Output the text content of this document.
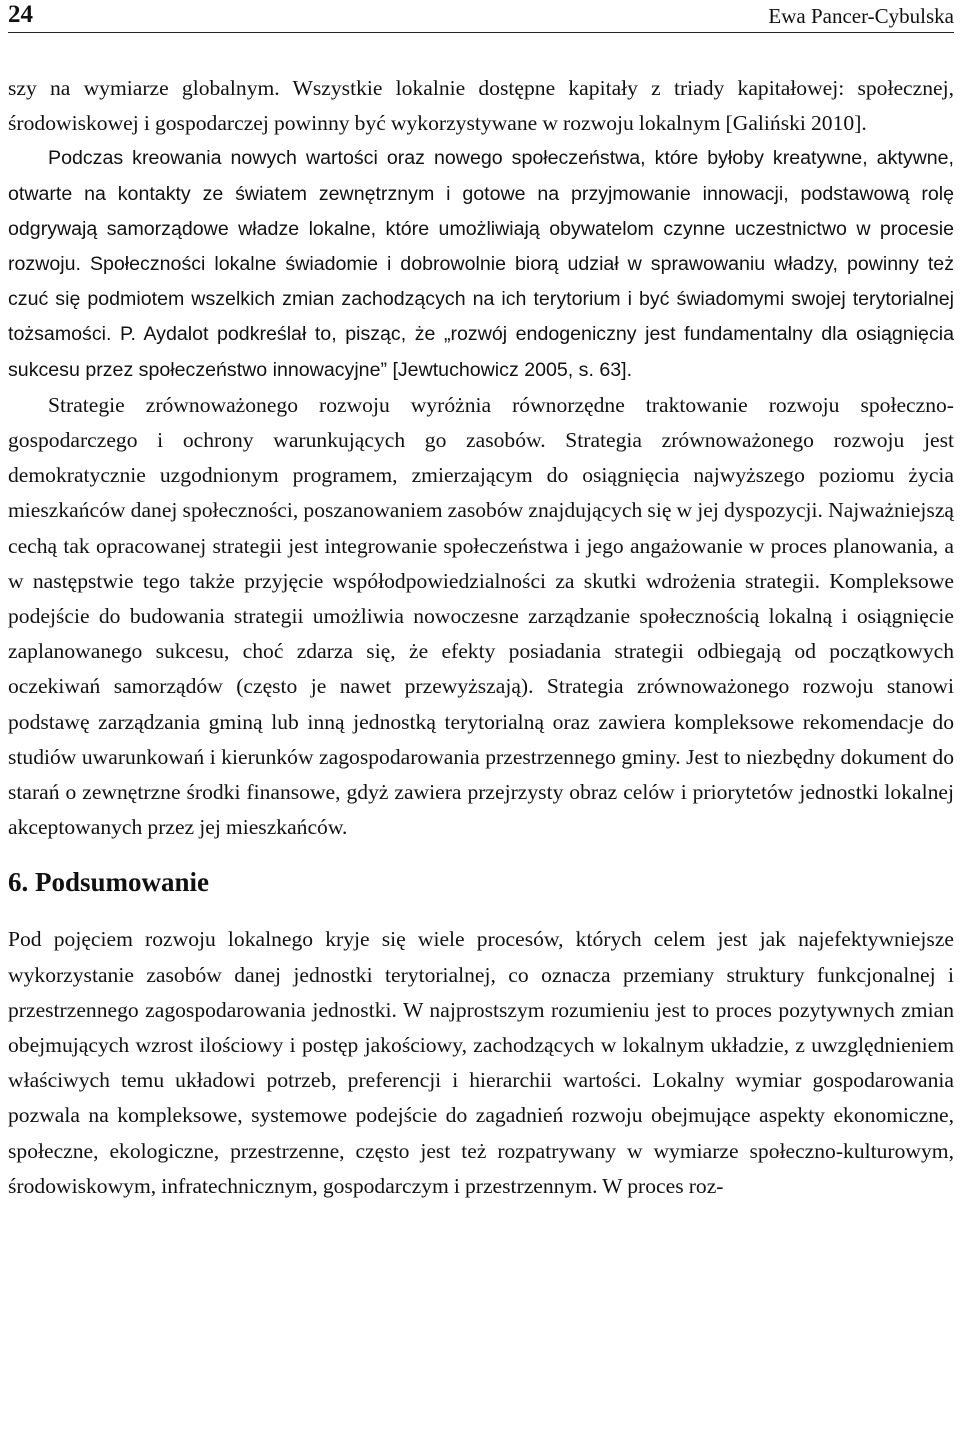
24	Ewa Pancer-Cybulska

szy na wymiarze globalnym. Wszystkie lokalnie dostępne kapitały z triady kapitałowej: społecznej, środowiskowej i gospodarczej powinny być wykorzystywane w rozwoju lokalnym [Galiński 2010].

Podczas kreowania nowych wartości oraz nowego społeczeństwa, które byłoby kreatywne, aktywne, otwarte na kontakty ze światem zewnętrznym i gotowe na przyjmowanie innowacji, podstawową rolę odgrywają samorządowe władze lokalne, które umożliwiają obywatelom czynne uczestnictwo w procesie rozwoju. Społeczności lokalne świadomie i dobrowolnie biorą udział w sprawowaniu władzy, powinny też czuć się podmiotem wszelkich zmian zachodzących na ich terytorium i być świadomymi swojej terytorialnej tożsamości. P. Aydalot podkreślał to, pisząc, że „rozwój endogeniczny jest fundamentalny dla osiągnięcia sukcesu przez społeczeństwo innowacyjne” [Jewtuchowicz 2005, s. 63].

Strategie zrównoważonego rozwoju wyróżnia równorzędne traktowanie rozwoju społeczno-gospodarczego i ochrony warunkujących go zasobów. Strategia zrównoważonego rozwoju jest demokratycznie uzgodnionym programem, zmierzającym do osiągnięcia najwyższego poziomu życia mieszkańców danej społeczności, poszanowaniem zasobów znajdujących się w jej dyspozycji. Najważniejszą cechą tak opracowanej strategii jest integrowanie społeczeństwa i jego angażowanie w proces planowania, a w następstwie tego także przyjęcie współodpowiedzialności za skutki wdrożenia strategii. Kompleksowe podejście do budowania strategii umożliwia nowoczesne zarządzanie społecznością lokalną i osiągnięcie zaplanowanego sukcesu, choć zdarza się, że efekty posiadania strategii odbiegają od początkowych oczekiwań samorządów (często je nawet przewyższają). Strategia zrównoważonego rozwoju stanowi podstawę zarządzania gminą lub inną jednostką terytorialną oraz zawiera kompleksowe rekomendacje do studiów uwarunkowań i kierunków zagospodarowania przestrzennego gminy. Jest to niezbędny dokument do starań o zewnętrzne środki finansowe, gdyż zawiera przejrzysty obraz celów i priorytetów jednostki lokalnej akceptowanych przez jej mieszkańców.

6. Podsumowanie

Pod pojęciem rozwoju lokalnego kryje się wiele procesów, których celem jest jak najefektywniejsze wykorzystanie zasobów danej jednostki terytorialnej, co oznacza przemiany struktury funkcjonalnej i przestrzennego zagospodarowania jednostki. W najprostszym rozumieniu jest to proces pozytywnych zmian obejmujących wzrost ilościowy i postęp jakościowy, zachodzących w lokalnym układzie, z uwzględnieniem właściwych temu układowi potrzeb, preferencji i hierarchii wartości. Lokalny wymiar gospodarowania pozwala na kompleksowe, systemowe podejście do zagadnień rozwoju obejmujące aspekty ekonomiczne, społeczne, ekologiczne, przestrzenne, często jest też rozpatrywany w wymiarze społeczno-kulturowym, środowiskowym, infratechnicznym, gospodarczym i przestrzennym. W proces roz-
